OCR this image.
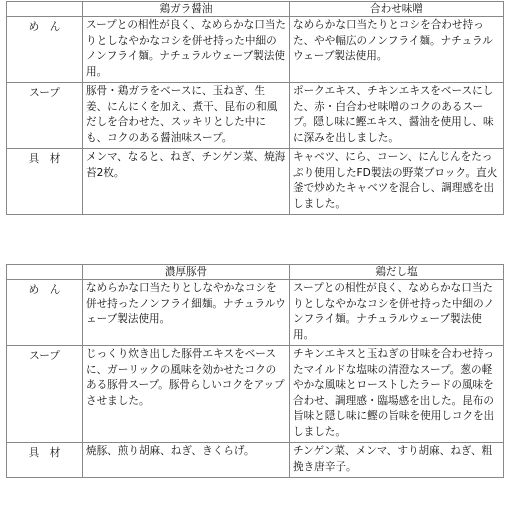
	鶏ガラ醤油	合わせ味噌
め　ん	スープとの相性が良く、なめらかな口当たりとしなやかなコシを併せ持った中細のノンフライ麺。ナチュラルウェーブ製法使用。	なめらかな口当たりとコシを合わせ持った、やや幅広のノンフライ麺。ナチュラルウェーブ製法使用。
スープ	豚骨・鶏ガラをベースに、玉ねぎ、生姜、にんにくを加え、煮干、昆布の和風だしを合わせた、スッキリとした中にも、コクのある醤油味スープ。	ポークエキス、チキンエキスをベースにした、赤・白合わせ味噌のコクのあるスープ。隠し味に鰹エキス、醤油を使用し、味に深みを出しました。
具　材	メンマ、なると、ねぎ、チンゲン菜、焼海苔2枚。	キャベツ、にら、コーン、にんじんをたっぷり使用したFD製法の野菜ブロック。直火釜で炒めたキャベツを混合し、調理感を出しました。
	濃厚豚骨	鶏だし塩
め　ん	なめらかな口当たりとしなやかなコシを併せ持ったノンフライ細麺。ナチュラルウェーブ製法使用。	スープとの相性が良く、なめらかな口当たりとしなやかなコシを併せ持った中細のノンフライ麺。ナチュラルウェーブ製法使用。
スープ	じっくり炊き出した豚骨エキスをベースに、ガーリックの風味を効かせたコクのある豚骨スープ。豚骨らしいコクをアップさせました。	チキンエキスと玉ねぎの甘味を合わせ持ったマイルドな塩味の清澄なスープ。葱の軽やかな風味とローストしたラードの風味を合わせ、調理感・臨場感を出した。昆布の旨味と隠し味に鰹の旨味を使用しコクを出しました。
具　材	焼豚、煎り胡麻、ねぎ、きくらげ。	チンゲン菜、メンマ、すり胡麻、ねぎ、粗挽き唐辛子。
